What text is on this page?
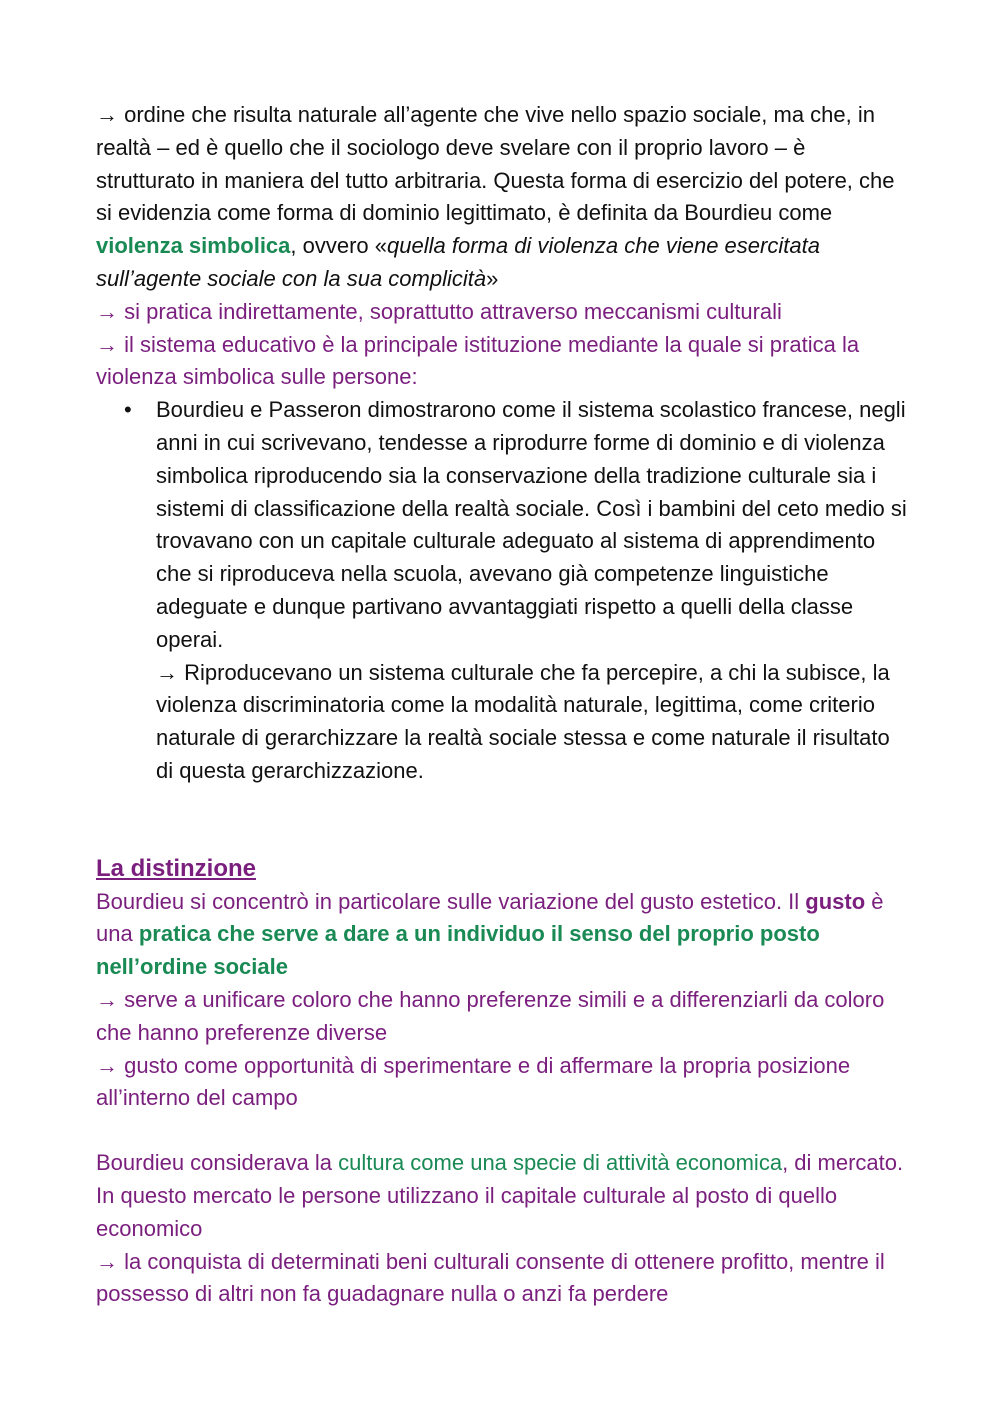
→ ordine che risulta naturale all’agente che vive nello spazio sociale, ma che, in realtà – ed è quello che il sociologo deve svelare con il proprio lavoro – è strutturato in maniera del tutto arbitraria. Questa forma di esercizio del potere, che si evidenzia come forma di dominio legittimato, è definita da Bourdieu come violenza simbolica, ovvero «quella forma di violenza che viene esercitata sull’agente sociale con la sua complicità»

→ si pratica indirettamente, soprattutto attraverso meccanismi culturali

→ il sistema educativo è la principale istituzione mediante la quale si pratica la violenza simbolica sulle persone:

• Bourdieu e Passeron dimostrarono come il sistema scolastico francese, negli anni in cui scrivevano, tendesse a riprodurre forme di dominio e di violenza simbolica riproducendo sia la conservazione della tradizione culturale sia i sistemi di classificazione della realtà sociale. Così i bambini del ceto medio si trovavano con un capitale culturale adeguato al sistema di apprendimento che si riproduceva nella scuola, avevano già competenze linguistiche adeguate e dunque partivano avvantaggiati rispetto a quelli della classe operai.

→ Riproducevano un sistema culturale che fa percepire, a chi la subisce, la violenza discriminatoria come la modalità naturale, legittima, come criterio naturale di gerarchizzare la realtà sociale stessa e come naturale il risultato di questa gerarchizzazione.

La distinzione

Bourdieu si concentrò in particolare sulle variazione del gusto estetico. Il gusto è una pratica che serve a dare a un individuo il senso del proprio posto nell’ordine sociale

→ serve a unificare coloro che hanno preferenze simili e a differenziarli da coloro che hanno preferenze diverse

→ gusto come opportunità di sperimentare e di affermare la propria posizione all’interno del campo

Bourdieu considerava la cultura come una specie di attività economica, di mercato. In questo mercato le persone utilizzano il capitale culturale al posto di quello economico

→ la conquista di determinati beni culturali consente di ottenere profitto, mentre il possesso di altri non fa guadagnare nulla o anzi fa perdere
